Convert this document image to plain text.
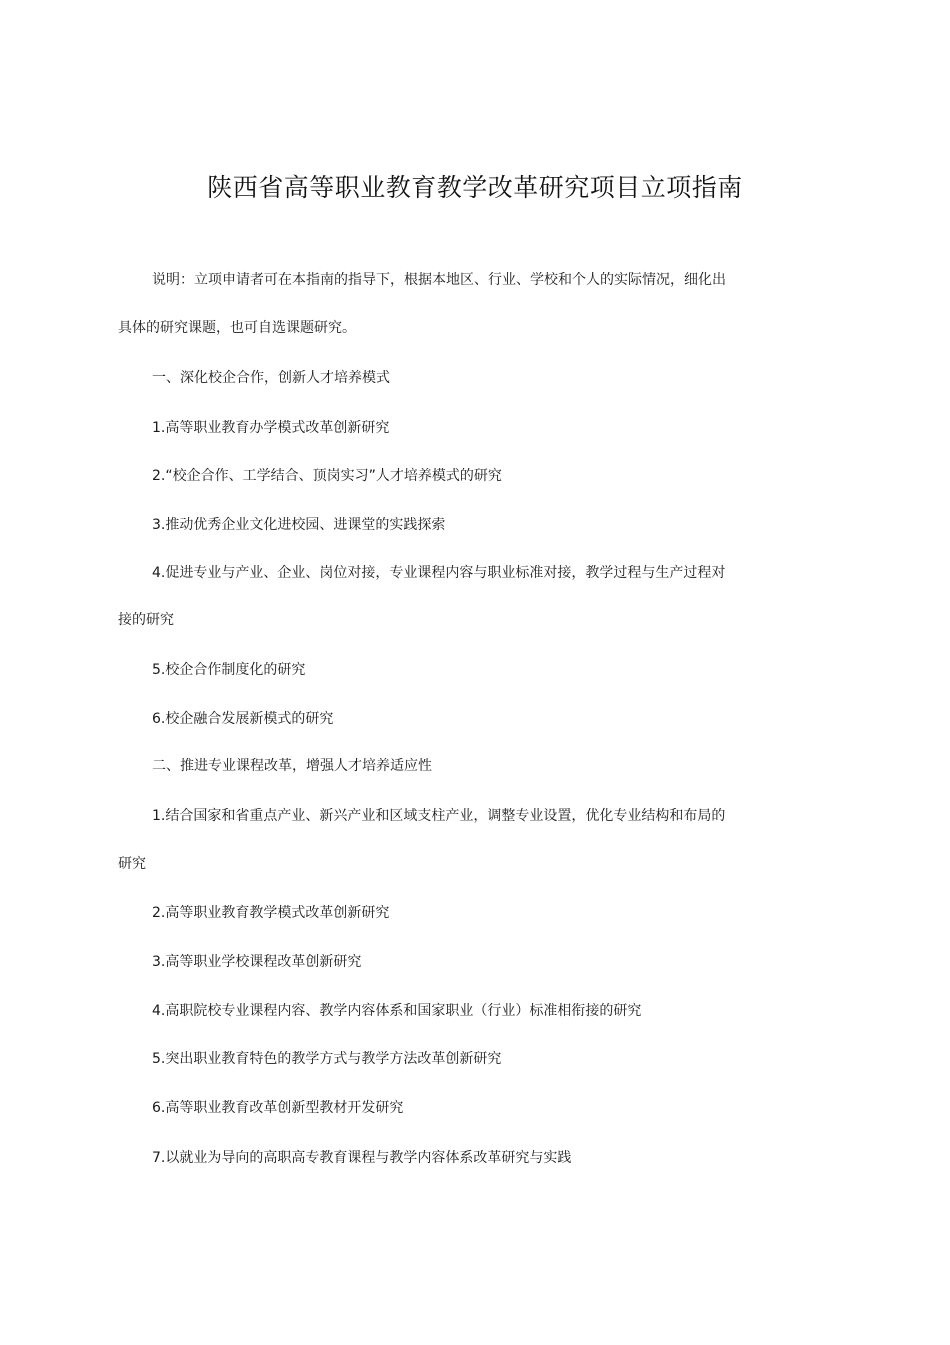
陕西省高等职业教育教学改革研究项目立项指南

说明：立项申请者可在本指南的指导下，根据本地区、行业、学校和个人的实际情况，细化出

具体的研究课题，也可自选课题研究。

一、深化校企合作，创新人才培养模式

1.高等职业教育办学模式改革创新研究

2.“校企合作、工学结合、顶岗实习”人才培养模式的研究

3.推动优秀企业文化进校园、进课堂的实践探索

4.促进专业与产业、企业、岗位对接，专业课程内容与职业标准对接，教学过程与生产过程对

接的研究

5.校企合作制度化的研究

6.校企融合发展新模式的研究

二、推进专业课程改革，增强人才培养适应性

1.结合国家和省重点产业、新兴产业和区域支柱产业，调整专业设置，优化专业结构和布局的

研究

2.高等职业教育教学模式改革创新研究

3.高等职业学校课程改革创新研究

4.高职院校专业课程内容、教学内容体系和国家职业（行业）标准相衔接的研究

5.突出职业教育特色的教学方式与教学方法改革创新研究

6.高等职业教育改革创新型教材开发研究

7.以就业为导向的高职高专教育课程与教学内容体系改革研究与实践
